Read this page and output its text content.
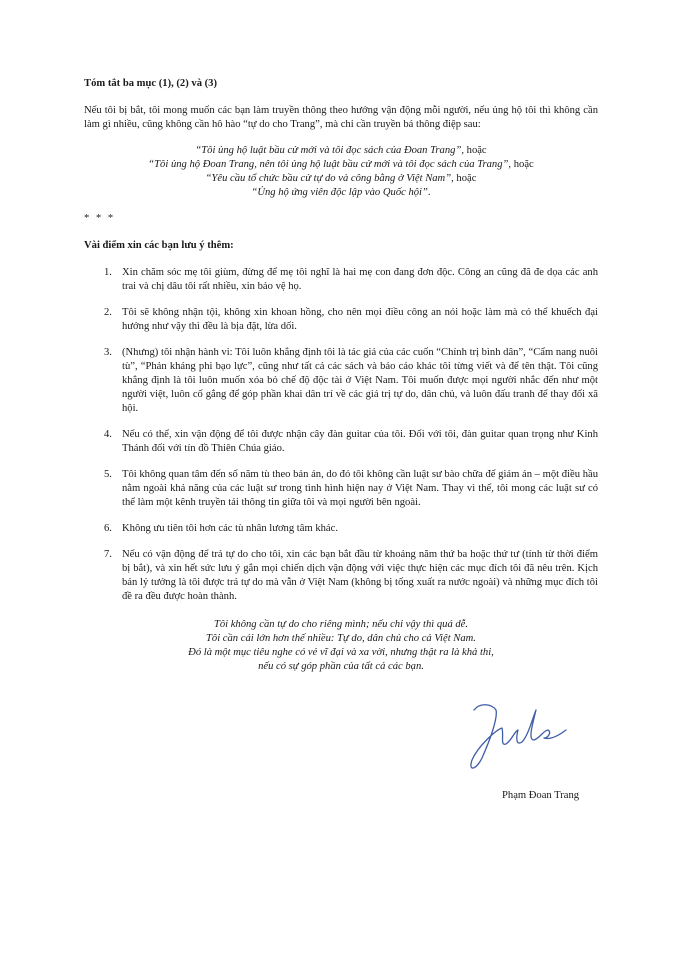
Tóm tắt ba mục (1), (2) và (3)
Nếu tôi bị bắt, tôi mong muốn các bạn làm truyền thông theo hướng vận động mỗi người, nếu ủng hộ tôi thì không cần làm gì nhiều, cũng không cần hô hào “tự do cho Trang”, mà chỉ cần truyền bá thông điệp sau:
“Tôi ủng hộ luật bầu cử mới và tôi đọc sách của Đoan Trang”, hoặc
“Tôi ủng hộ Đoan Trang, nên tôi ủng hộ luật bầu cử mới và tôi đọc sách của Trang”, hoặc
“Yêu cầu tổ chức bầu cử tự do và công bằng ở Việt Nam”, hoặc
“Ủng hộ ứng viên độc lập vào Quốc hội”.
* * *
Vài điểm xin các bạn lưu ý thêm:
1. Xin chăm sóc mẹ tôi giùm, đừng để mẹ tôi nghĩ là hai mẹ con đang đơn độc. Công an cũng đã đe dọa các anh trai và chị dâu tôi rất nhiều, xin bảo vệ họ.
2. Tôi sẽ không nhận tội, không xin khoan hồng, cho nên mọi điều công an nói hoặc làm mà có thể khuếch đại hướng như vậy thì đều là bịa đặt, lừa dối.
3. (Nhưng) tôi nhận hành vi: Tôi luôn khẳng định tôi là tác giả của các cuốn “Chính trị bình dân”, “Cẩm nang nuôi tù”, “Phản kháng phi bạo lực”, cũng như tất cả các sách và báo cáo khác tôi từng viết và để tên thật. Tôi cũng khẳng định là tôi luôn muốn xóa bỏ chế độ độc tài ở Việt Nam. Tôi muốn được mọi người nhắc đến như một người việt, luôn cố gắng để góp phần khai dân trí về các giá trị tự do, dân chủ, và luôn đấu tranh để thay đổi xã hội.
4. Nếu có thể, xin vận động để tôi được nhận cây đàn guitar của tôi. Đối với tôi, đàn guitar quan trọng như Kinh Thánh đối với tín đồ Thiên Chúa giáo.
5. Tôi không quan tâm đến số năm tù theo bản án, do đó tôi không cần luật sư bào chữa để giảm án – một điều hầu nằm ngoài khả năng của các luật sư trong tình hình hiện nay ở Việt Nam. Thay vì thế, tôi mong các luật sư có thể làm một kênh truyền tải thông tin giữa tôi và mọi người bên ngoài.
6. Không ưu tiên tôi hơn các tù nhân lương tâm khác.
7. Nếu có vận động để trả tự do cho tôi, xin các bạn bắt đầu từ khoảng năm thứ ba hoặc thứ tư (tính từ thời điểm bị bắt), và xin hết sức lưu ý gắn mọi chiến dịch vận động với việc thực hiện các mục đích tôi đã nêu trên. Kịch bản lý tưởng là tôi được trả tự do mà vẫn ở Việt Nam (không bị tống xuất ra nước ngoài) và những mục đích tôi đề ra đều được hoàn thành.
Tôi không cần tự do cho riêng mình; nếu chỉ vậy thì quá dễ.
Tôi cần cái lớn hơn thế nhiều: Tự do, dân chủ cho cả Việt Nam.
Đó là một mục tiêu nghe có vẻ vĩ đại và xa vời, nhưng thật ra là khả thi,
nếu có sự góp phần của tất cả các bạn.
Phạm Đoan Trang
